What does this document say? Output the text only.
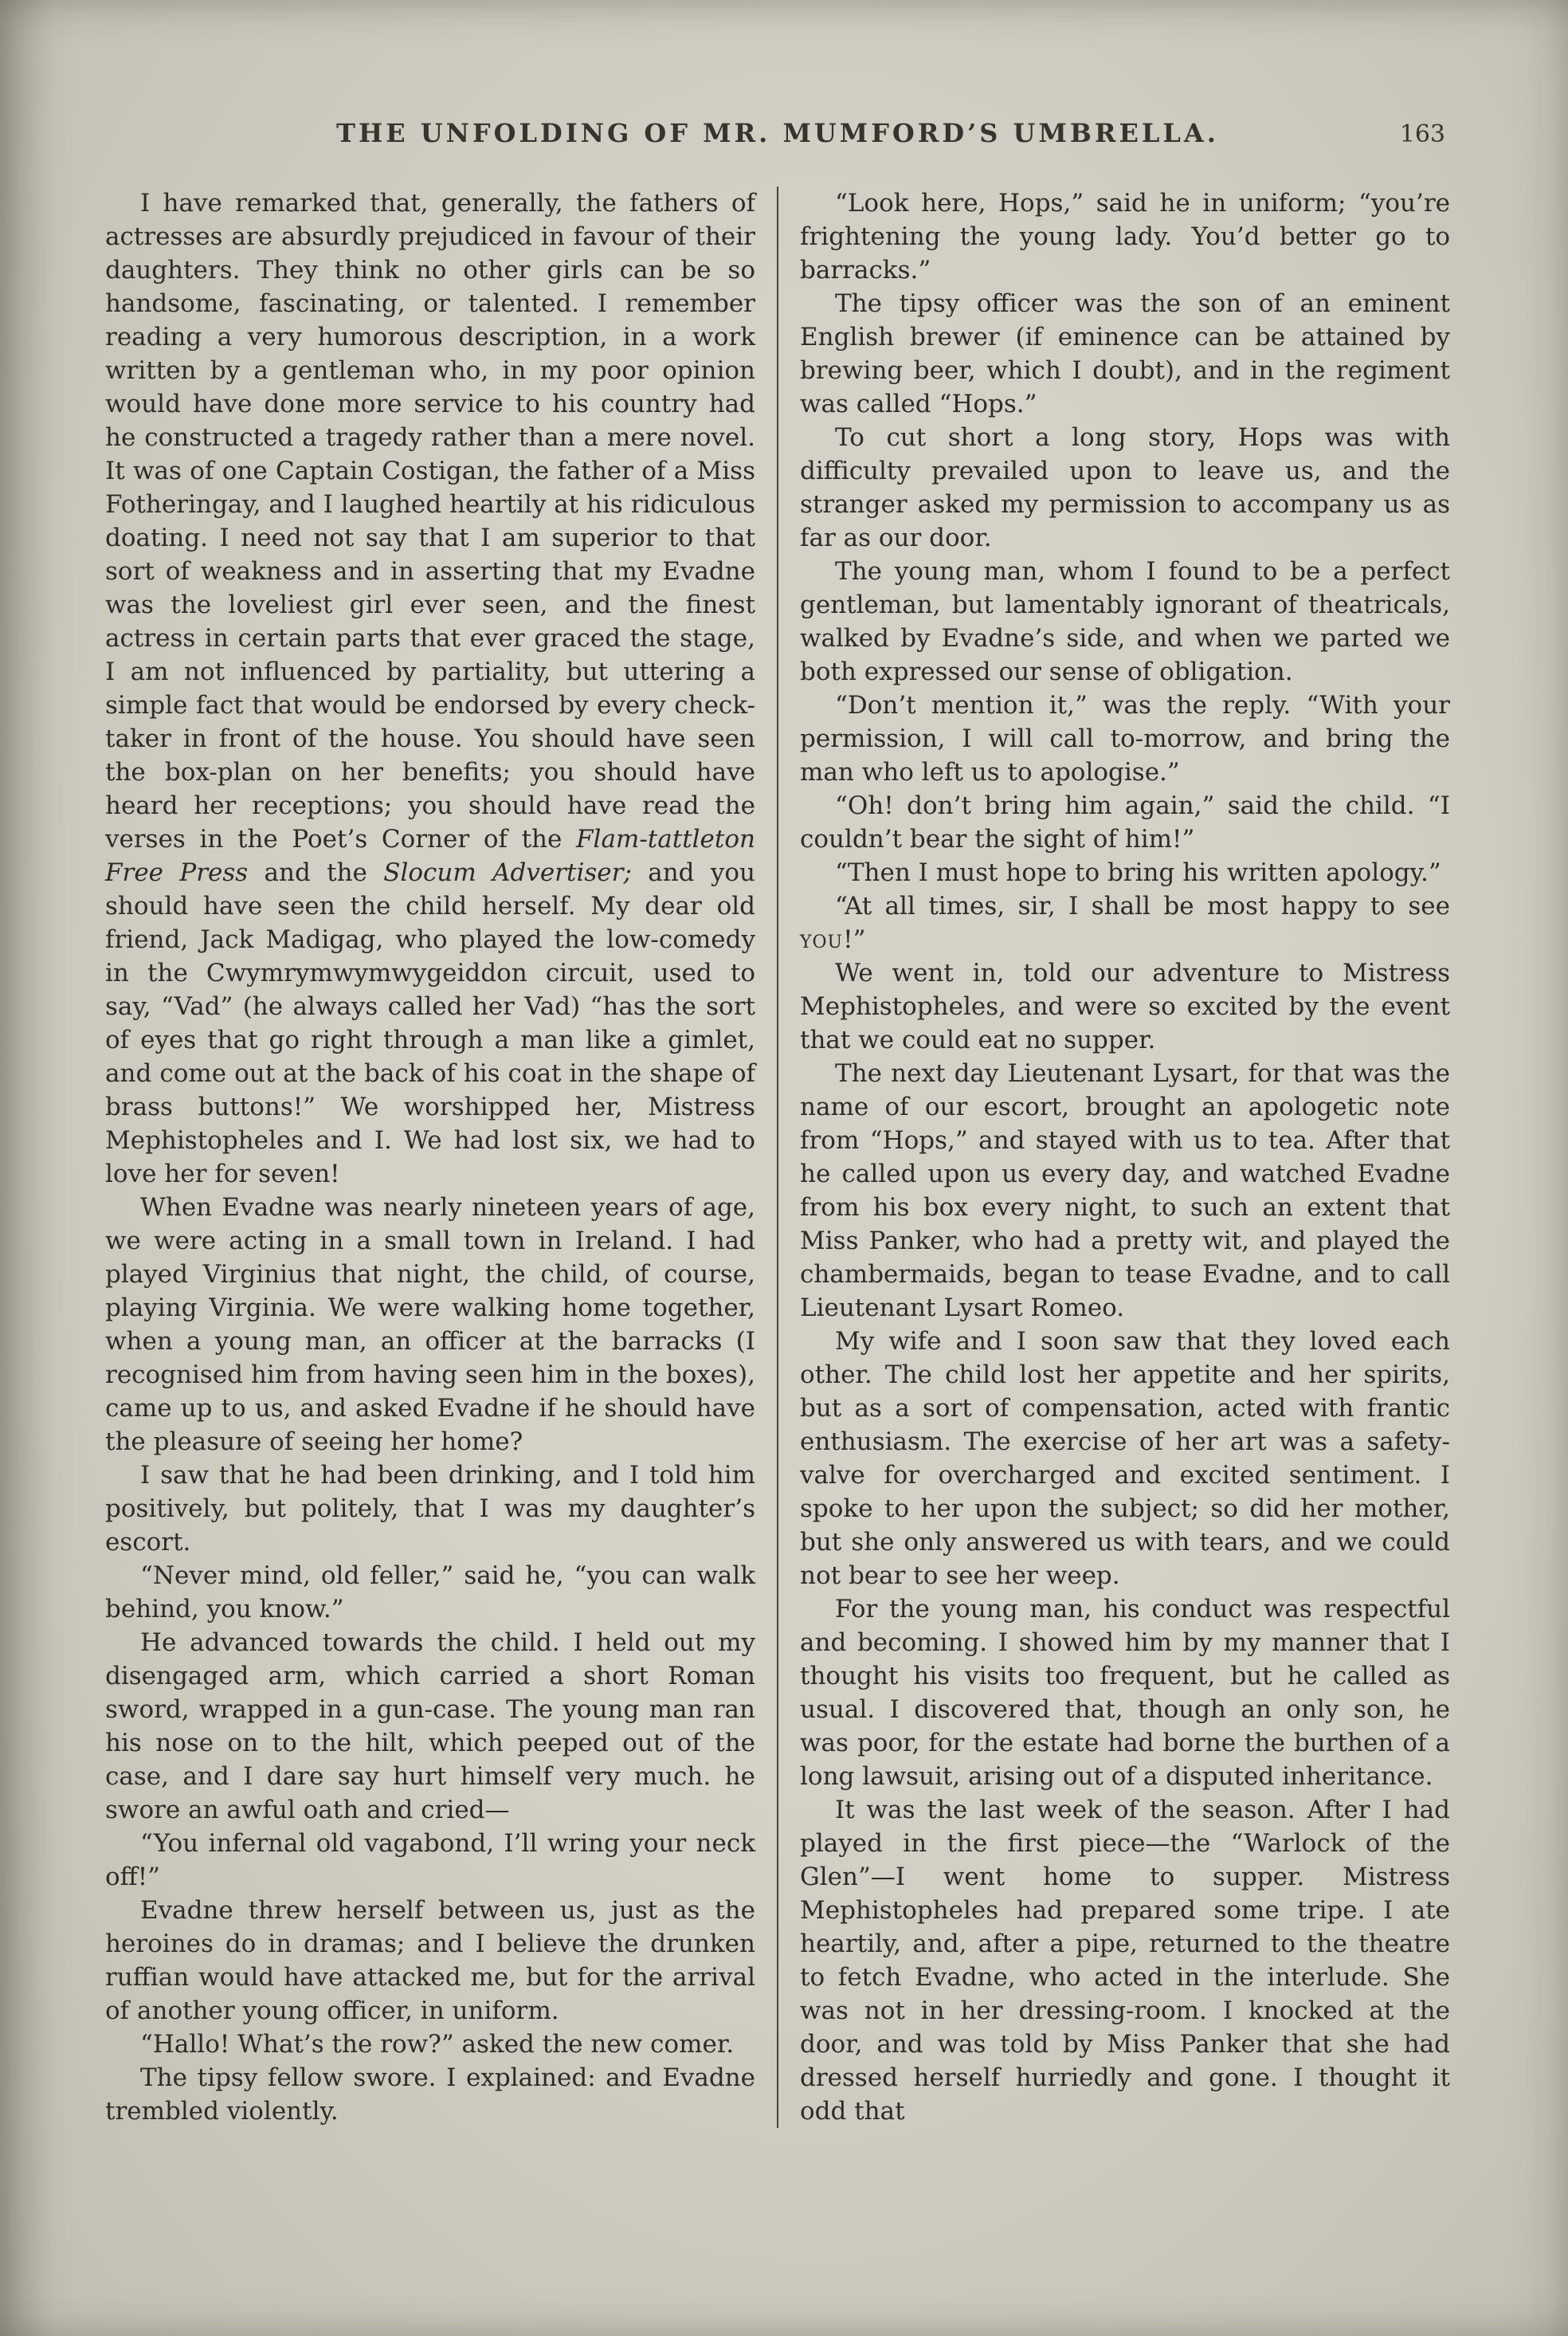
THE UNFOLDING OF MR. MUMFORD’S UMBRELLA.	163

I have remarked that, generally, the fathers of actresses are absurdly prejudiced in favour of their daughters. They think no other girls can be so handsome, fascinating, or talented. I remember reading a very humorous description, in a work written by a gentleman who, in my poor opinion would have done more service to his country had he constructed a tragedy rather than a mere novel. It was of one Captain Costigan, the father of a Miss Fotheringay, and I laughed heartily at his ridiculous doating. I need not say that I am superior to that sort of weakness and in asserting that my Evadne was the loveliest girl ever seen, and the finest actress in certain parts that ever graced the stage, I am not influenced by partiality, but uttering a simple fact that would be endorsed by every check-taker in front of the house. You should have seen the box-plan on her benefits; you should have heard her receptions; you should have read the verses in the Poet’s Corner of the Flam-tattleton Free Press and the Slocum Advertiser; and you should have seen the child herself. My dear old friend, Jack Madigag, who played the low-comedy in the Cwymrymwymwygeiddon circuit, used to say, “Vad” (he always called her Vad) “has the sort of eyes that go right through a man like a gimlet, and come out at the back of his coat in the shape of brass buttons!” We worshipped her, Mistress Mephistopheles and I. We had lost six, we had to love her for seven!

When Evadne was nearly nineteen years of age, we were acting in a small town in Ireland. I had played Virginius that night, the child, of course, playing Virginia. We were walking home together, when a young man, an officer at the barracks (I recognised him from having seen him in the boxes), came up to us, and asked Evadne if he should have the pleasure of seeing her home?

I saw that he had been drinking, and I told him positively, but politely, that I was my daughter’s escort.

“Never mind, old feller,” said he, “you can walk behind, you know.”

He advanced towards the child. I held out my disengaged arm, which carried a short Roman sword, wrapped in a gun-case. The young man ran his nose on to the hilt, which peeped out of the case, and I dare say hurt himself very much. he swore an awful oath and cried—

“You infernal old vagabond, I’ll wring your neck off!”

Evadne threw herself between us, just as the heroines do in dramas; and I believe the drunken ruffian would have attacked me, but for the arrival of another young officer, in uniform.

“Hallo! What’s the row?” asked the new comer.

The tipsy fellow swore. I explained: and Evadne trembled violently.

“Look here, Hops,” said he in uniform; “you’re frightening the young lady. You’d better go to barracks.”

The tipsy officer was the son of an eminent English brewer (if eminence can be attained by brewing beer, which I doubt), and in the regiment was called “Hops.”

To cut short a long story, Hops was with difficulty prevailed upon to leave us, and the stranger asked my permission to accompany us as far as our door.

The young man, whom I found to be a perfect gentleman, but lamentably ignorant of theatricals, walked by Evadne’s side, and when we parted we both expressed our sense of obligation.

“Don’t mention it,” was the reply. “With your permission, I will call to-morrow, and bring the man who left us to apologise.”

“Oh! don’t bring him again,” said the child. “I couldn’t bear the sight of him!”

“Then I must hope to bring his written apology.”

“At all times, sir, I shall be most happy to see you!”

We went in, told our adventure to Mistress Mephistopheles, and were so excited by the event that we could eat no supper.

The next day Lieutenant Lysart, for that was the name of our escort, brought an apologetic note from “Hops,” and stayed with us to tea. After that he called upon us every day, and watched Evadne from his box every night, to such an extent that Miss Panker, who had a pretty wit, and played the chambermaids, began to tease Evadne, and to call Lieutenant Lysart Romeo.

My wife and I soon saw that they loved each other. The child lost her appetite and her spirits, but as a sort of compensation, acted with frantic enthusiasm. The exercise of her art was a safety-valve for overcharged and excited sentiment. I spoke to her upon the subject; so did her mother, but she only answered us with tears, and we could not bear to see her weep.

For the young man, his conduct was respectful and becoming. I showed him by my manner that I thought his visits too frequent, but he called as usual. I discovered that, though an only son, he was poor, for the estate had borne the burthen of a long lawsuit, arising out of a disputed inheritance.

It was the last week of the season. After I had played in the first piece—the “Warlock of the Glen”—I went home to supper. Mistress Mephistopheles had prepared some tripe. I ate heartily, and, after a pipe, returned to the theatre to fetch Evadne, who acted in the interlude. She was not in her dressing-room. I knocked at the door, and was told by Miss Panker that she had dressed herself hurriedly and gone. I thought it odd that
